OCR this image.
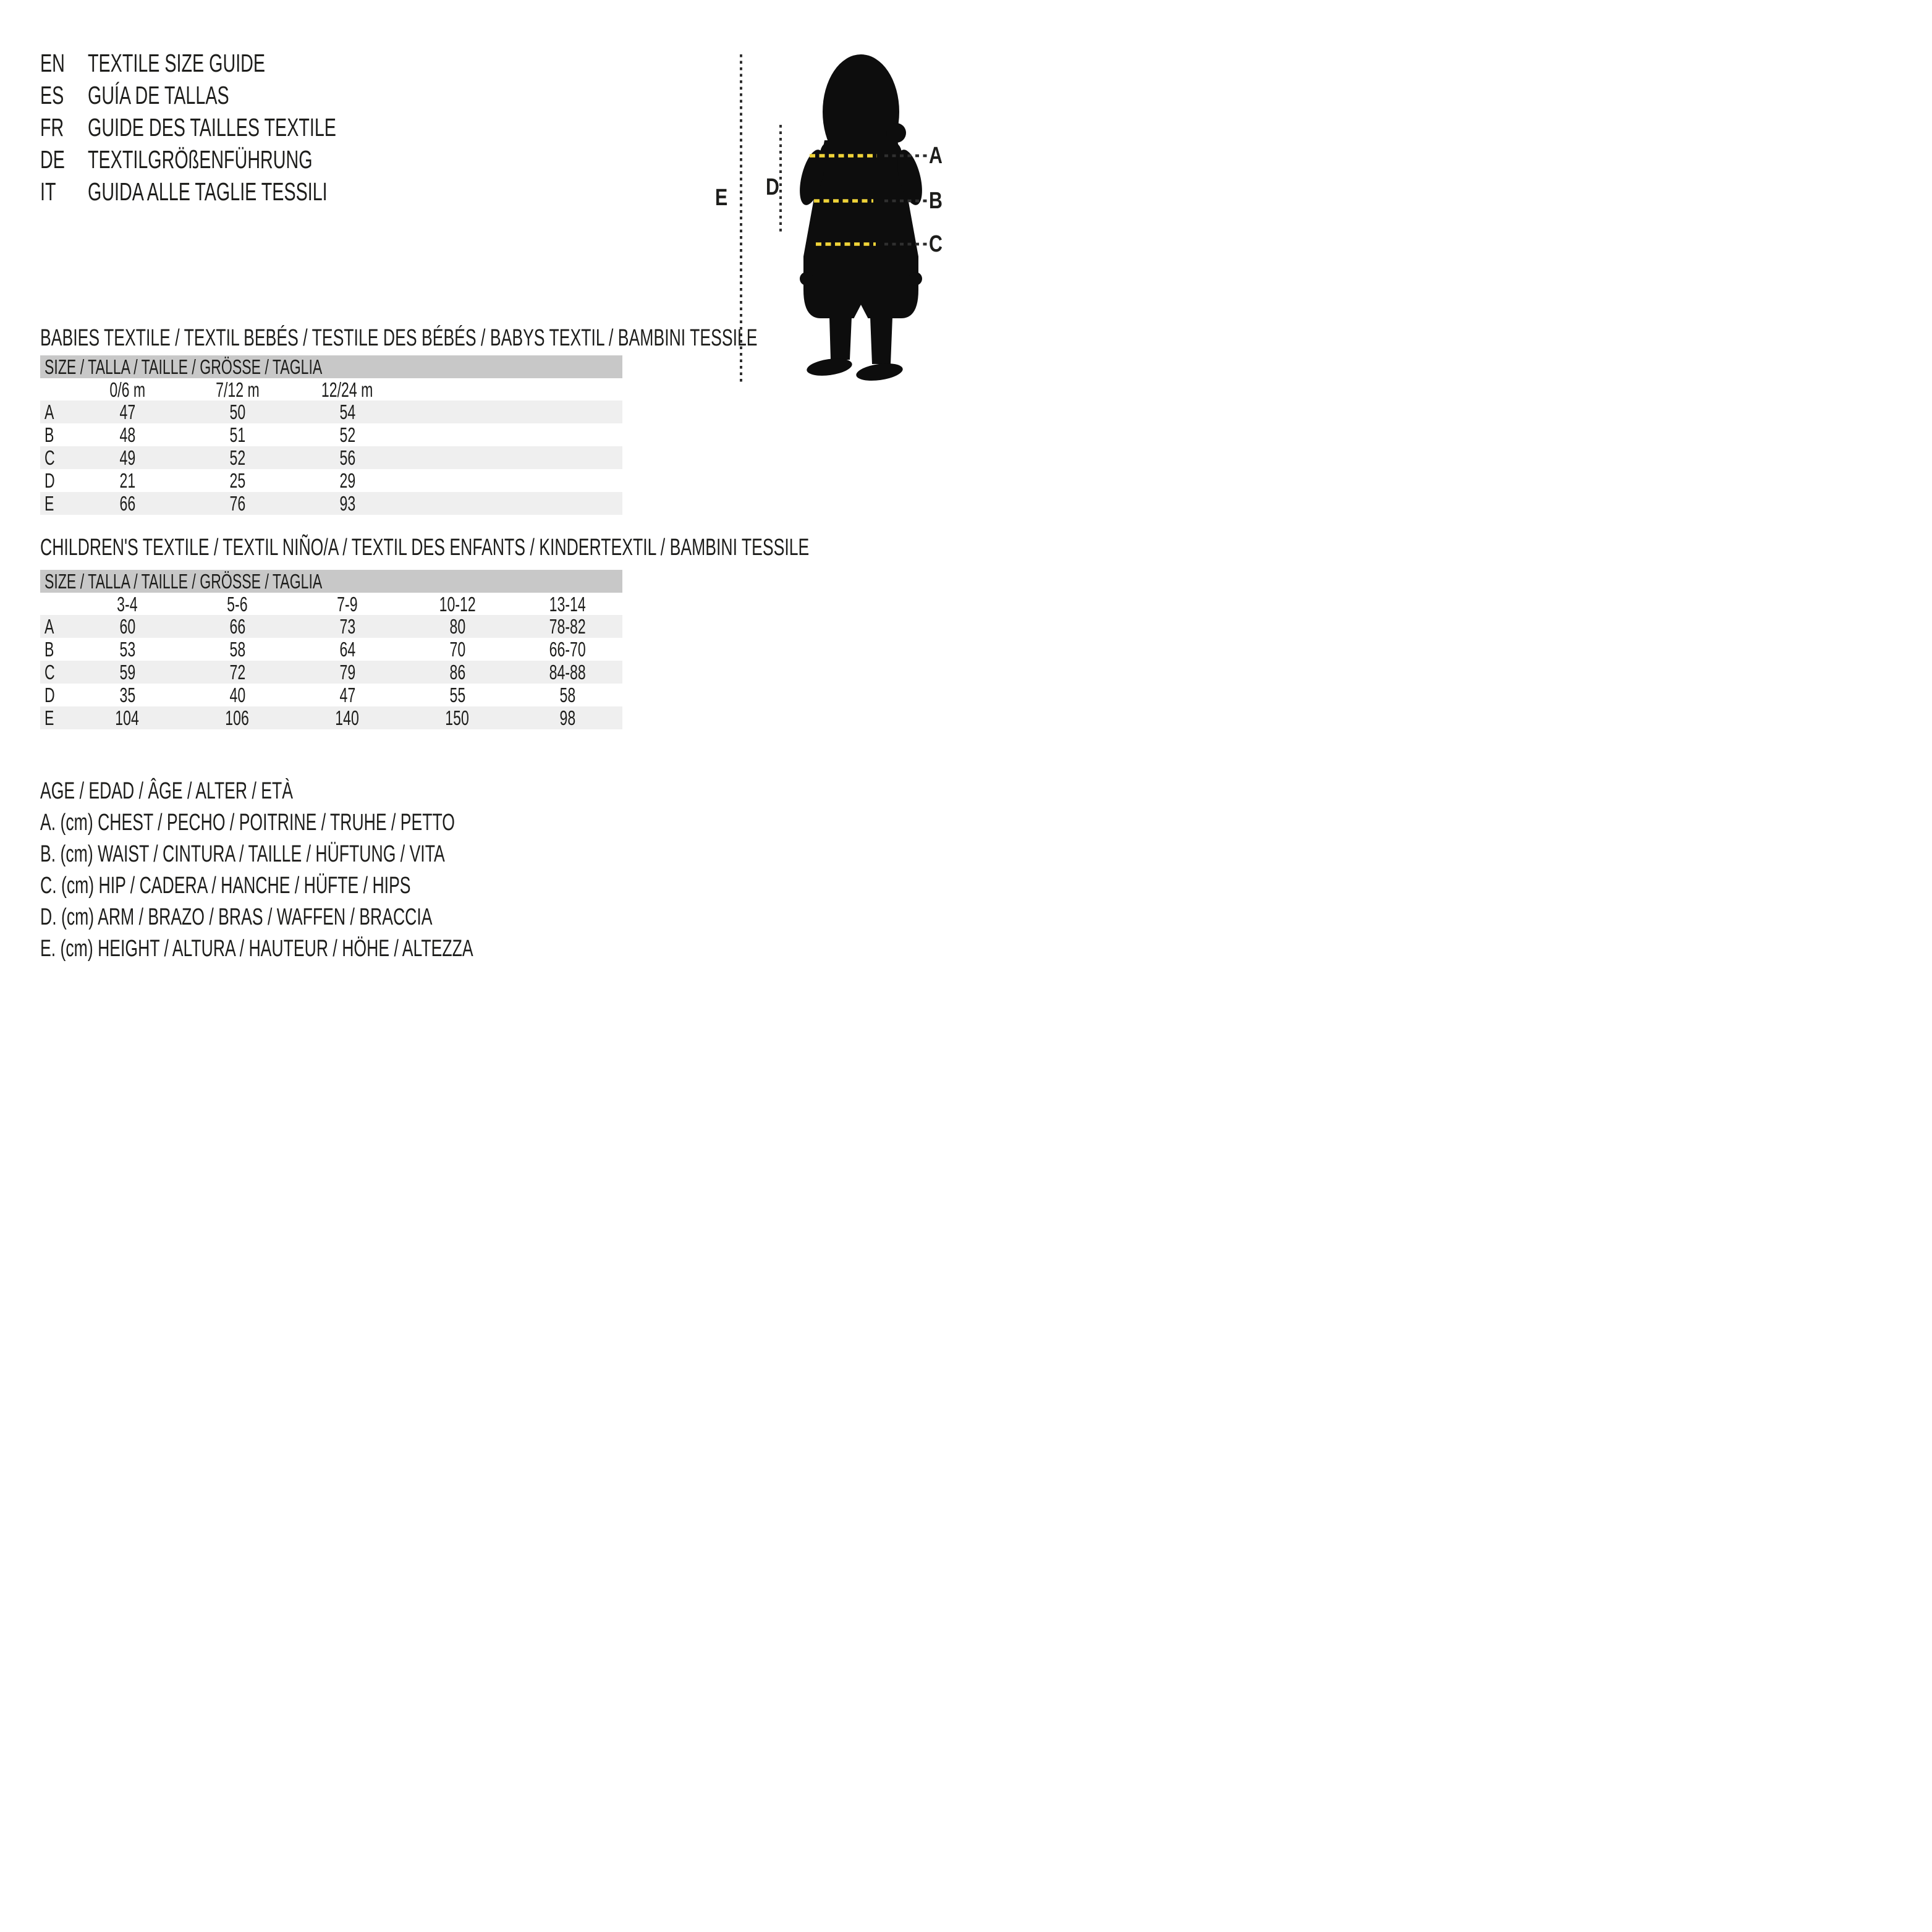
EN TEXTILE SIZE GUIDE
ES GUÍA DE TALLAS
FR GUIDE DES TAILLES TEXTILE
DE TEXTILGRÖßENFÜHRUNG
IT GUIDA ALLE TAGLIE TESSILI	E D
A
B
C
BABIES TEXTILE / TEXTIL BEBÉS / TESTILE DES BÉBÉS / BABYS TEXTIL / BAMBINI TESSILE
SIZE / TALLA / TAILLE / GRÖSSE / TAGLIA
0/6 m	7/12 m	12/24 m
A	47	50	54
B	48	51	52
C	49	52	56
D	21	25	29
E	66	76	93
CHILDREN'S TEXTILE / TEXTIL NIÑO/A / TEXTIL DES ENFANTS / KINDERTEXTIL / BAMBINI TESSILE
SIZE / TALLA / TAILLE / GRÖSSE / TAGLIA
3-4	5-6	7-9	10-12	13-14
A	60	66	73	80	78-82
B	53	58	64	70	66-70
C	59	72	79	86	84-88
D	35	40	47	55	58
E	104	106	140	150	98
AGE / EDAD / ÂGE / ALTER / ETÀ
A. (cm) CHEST / PECHO / POITRINE / TRUHE / PETTO
B. (cm) WAIST / CINTURA / TAILLE / HÜFTUNG / VITA
C. (cm) HIP / CADERA / HANCHE / HÜFTE / HIPS
D. (cm) ARM / BRAZO / BRAS / WAFFEN / BRACCIA
E. (cm) HEIGHT / ALTURA / HAUTEUR / HÖHE / ALTEZZA
